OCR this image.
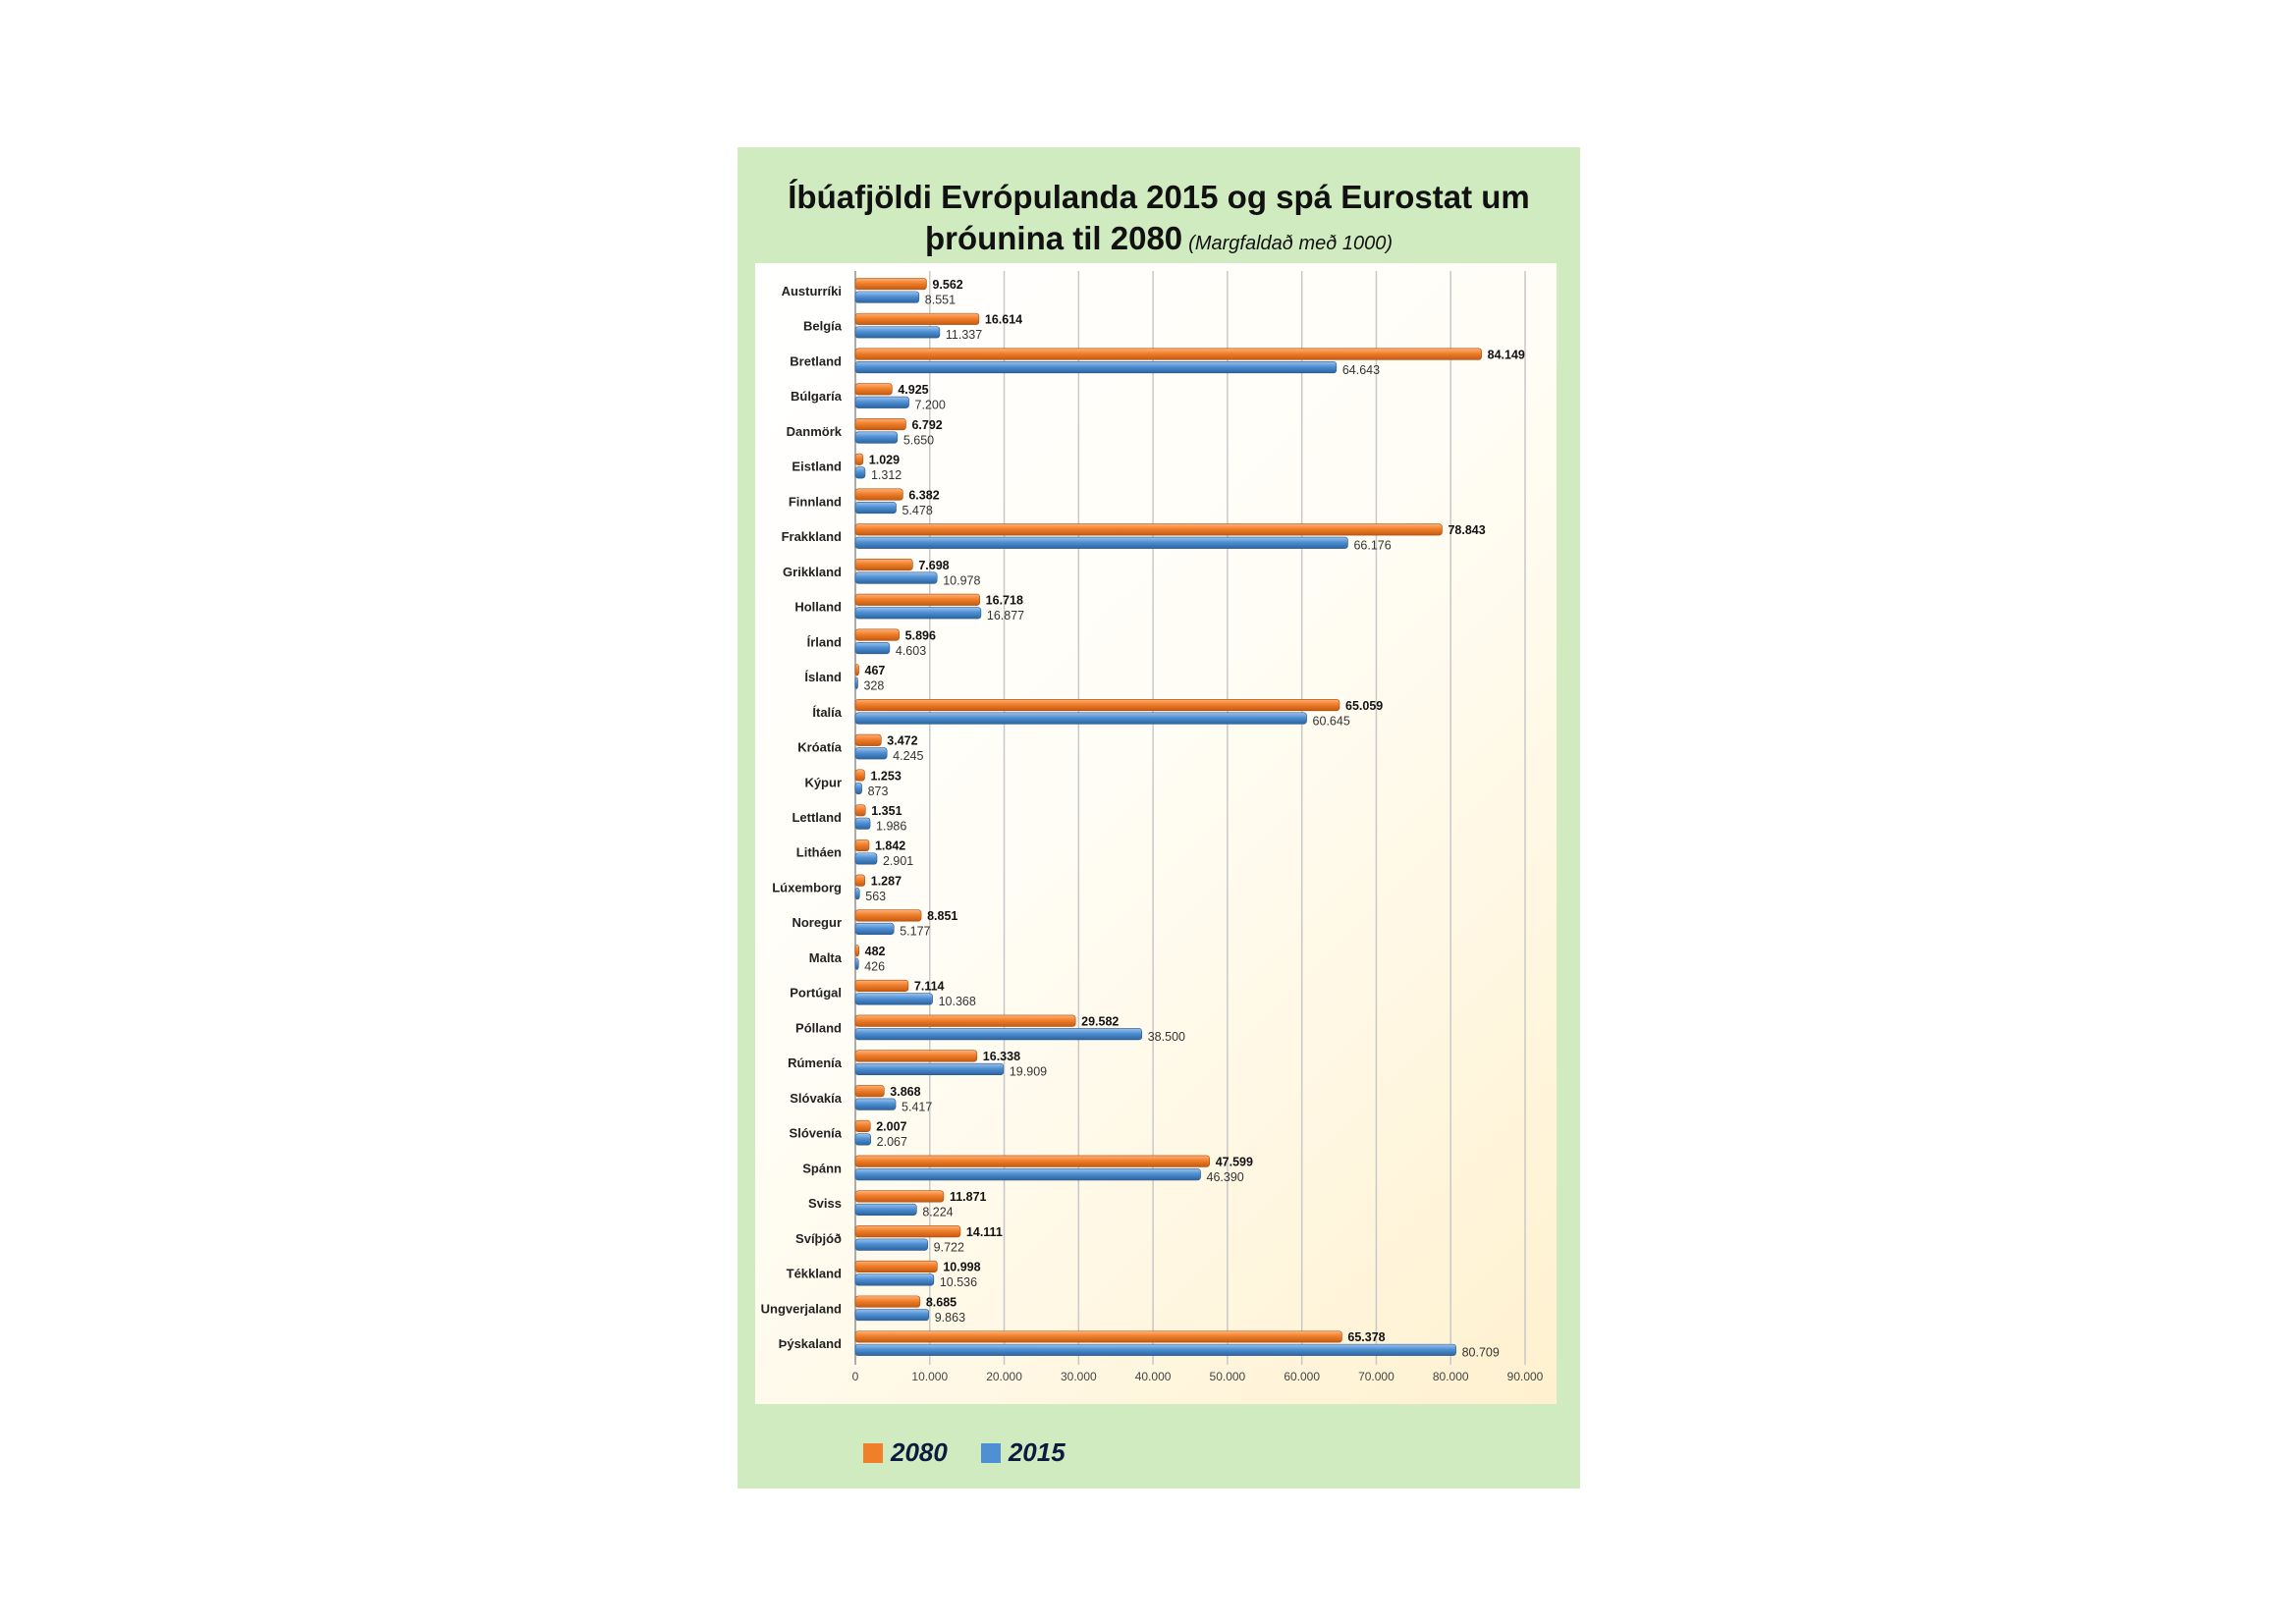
Íbúafjöldi Evrópulanda 2015 og spá Eurostat um
þróunina til 2080 (Margfaldað með 1000)
0	10.000	20.000	30.000	40.000	50.000	60.000	70.000	80.000	90.000
Austurríki	9.562
8.551
Belgía	16.614
11.337
Bretland	84.149
64.643
Búlgaría	4.925
7.200
Danmörk	6.792
5.650
Eistland 1.029
1.312
Finnland	6.382
5.478
Frakkland	78.843
66.176
Grikkland	7.698
10.978
Holland	16.718
16.877
Írland	5.896
4.603
Ísland 467
328
Ítalía	65.059
60.645
Króatía	3.472
4.245
Kýpur 1.253
873
Lettland 1.351
1.986
Litháen	1.842
2.901
Lúxemborg 1.287
563
Noregur	8.851
5.177
Malta 482
426
Portúgal	7.114
10.368
Pólland	29.582
38.500
Rúmenía	16.338
19.909
Slóvakía	3.868
5.417
Slóvenía	2.007
2.067
Spánn	47.599
46.390
Sviss	11.871
8.224
Svíþjóð	14.111
9.722
Tékkland	10.998
10.536
Ungverjaland	8.685
9.863
Þýskaland	65.378
80.709
2080 2015
